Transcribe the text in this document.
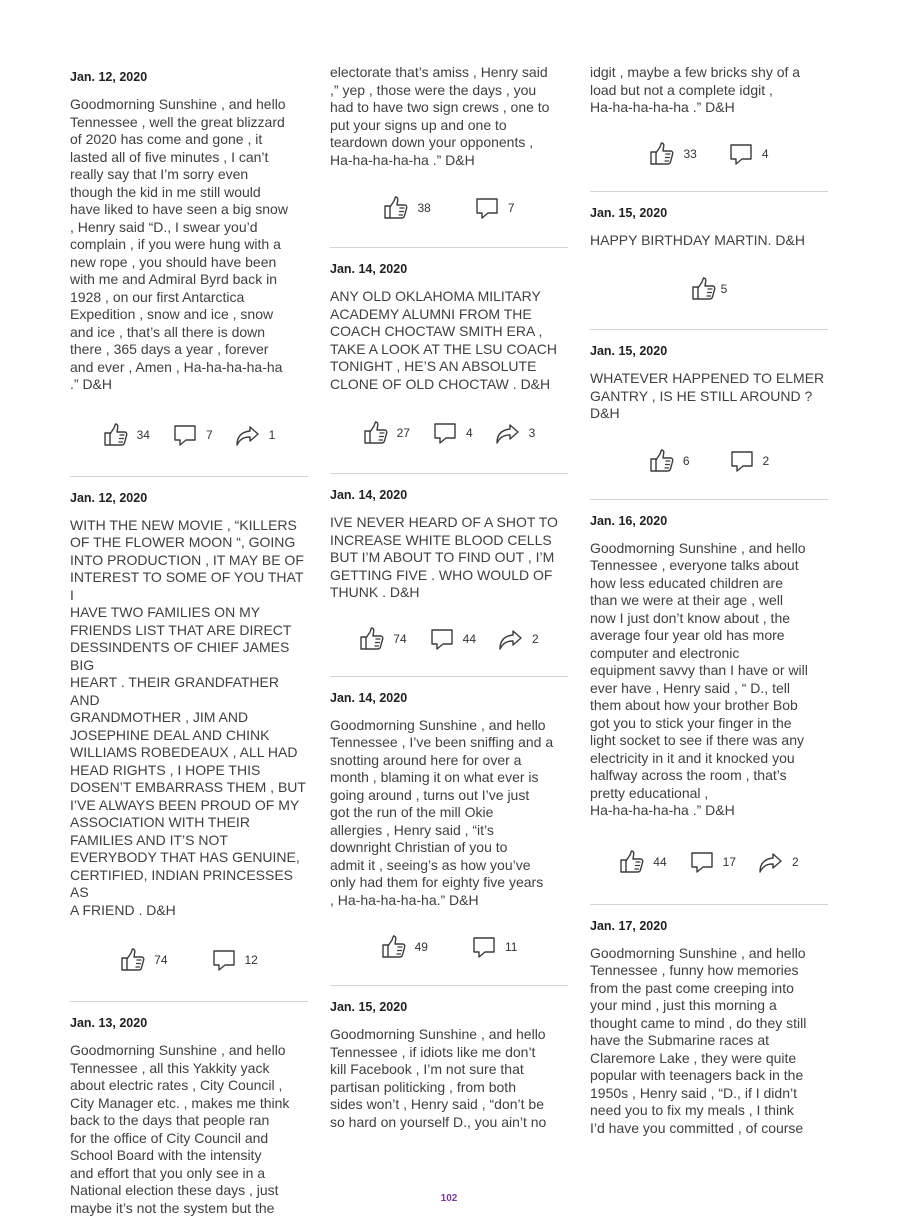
Jan. 12, 2020
Goodmorning Sunshine , and hello
Tennessee , well the great blizzard
of 2020 has come and gone , it
lasted all of five minutes , I can’t
really say that I’m sorry even
though the kid in me still would
have liked to have seen a big snow
, Henry said “D., I swear you’d
complain , if you were hung with a
new rope , you should have been
with me and Admiral Byrd back in
1928 , on our first Antarctica
Expedition , snow and ice , snow
and ice , that’s all there is down
there , 365 days a year , forever
and ever , Amen , Ha-ha-ha-ha-ha
.” D&H
34	7	1
Jan. 12, 2020
WITH THE NEW MOVIE , “KILLERS
OF THE FLOWER MOON “, GOING
INTO PRODUCTION , IT MAY BE OF
INTEREST TO SOME OF YOU THAT I
HAVE TWO FAMILIES ON MY
FRIENDS LIST THAT ARE DIRECT
DESSINDENTS OF CHIEF JAMES BIG
HEART . THEIR GRANDFATHER AND
GRANDMOTHER , JIM AND
JOSEPHINE DEAL AND CHINK
WILLIAMS ROBEDEAUX , ALL HAD
HEAD RIGHTS , I HOPE THIS
DOSEN’T EMBARRASS THEM , BUT
I’VE ALWAYS BEEN PROUD OF MY
ASSOCIATION WITH THEIR
FAMILIES AND IT’S NOT
EVERYBODY THAT HAS GENUINE,
CERTIFIED, INDIAN PRINCESSES AS
A FRIEND . D&H
74	12
Jan. 13, 2020
Goodmorning Sunshine , and hello
Tennessee , all this Yakkity yack
about electric rates , City Council ,
City Manager etc. , makes me think
back to the days that people ran
for the office of City Council and
School Board with the intensity
and effort that you only see in a
National election these days , just
maybe it’s not the system but the
electorate that’s amiss , Henry said
,” yep , those were the days , you
had to have two sign crews , one to
put your signs up and one to
teardown down your opponents ,
Ha-ha-ha-ha-ha .” D&H
38	7
Jan. 14, 2020
ANY OLD OKLAHOMA MILITARY
ACADEMY ALUMNI FROM THE
COACH CHOCTAW SMITH ERA ,
TAKE A LOOK AT THE LSU COACH
TONIGHT , HE’S AN ABSOLUTE
CLONE OF OLD CHOCTAW . D&H
27	4	3
Jan. 14, 2020
IVE NEVER HEARD OF A SHOT TO
INCREASE WHITE BLOOD CELLS
BUT I’M ABOUT TO FIND OUT , I’M
GETTING FIVE . WHO WOULD OF
THUNK . D&H
74	44	2
Jan. 14, 2020
Goodmorning Sunshine , and hello
Tennessee , I’ve been sniffing and a
snotting around here for over a
month , blaming it on what ever is
going around , turns out I’ve just
got the run of the mill Okie
allergies , Henry said , “it’s
downright Christian of you to
admit it , seeing’s as how you’ve
only had them for eighty five years
, Ha-ha-ha-ha-ha.” D&H
49	11
Jan. 15, 2020
Goodmorning Sunshine , and hello
Tennessee , if idiots like me don’t
kill Facebook , I’m not sure that
partisan politicking , from both
sides won’t , Henry said , “don’t be
so hard on yourself D., you ain’t no
idgit , maybe a few bricks shy of a
load but not a complete idgit ,
Ha-ha-ha-ha-ha .” D&H
33	4
Jan. 15, 2020
HAPPY BIRTHDAY MARTIN. D&H
5
Jan. 15, 2020
WHATEVER HAPPENED TO ELMER
GANTRY , IS HE STILL AROUND ?
D&H
6	2
Jan. 16, 2020
Goodmorning Sunshine , and hello
Tennessee , everyone talks about
how less educated children are
than we were at their age , well
now I just don’t know about , the
average four year old has more
computer and electronic
equipment savvy than I have or will
ever have , Henry said , “ D., tell
them about how your brother Bob
got you to stick your finger in the
light socket to see if there was any
electricity in it and it knocked you
halfway across the room , that’s
pretty educational ,
Ha-ha-ha-ha-ha .” D&H
44	17	2
Jan. 17, 2020
Goodmorning Sunshine , and hello
Tennessee , funny how memories
from the past come creeping into
your mind , just this morning a
thought came to mind , do they still
have the Submarine races at
Claremore Lake , they were quite
popular with teenagers back in the
1950s , Henry said , “D., if I didn’t
need you to fix my meals , I think
I’d have you committed , of course
102
